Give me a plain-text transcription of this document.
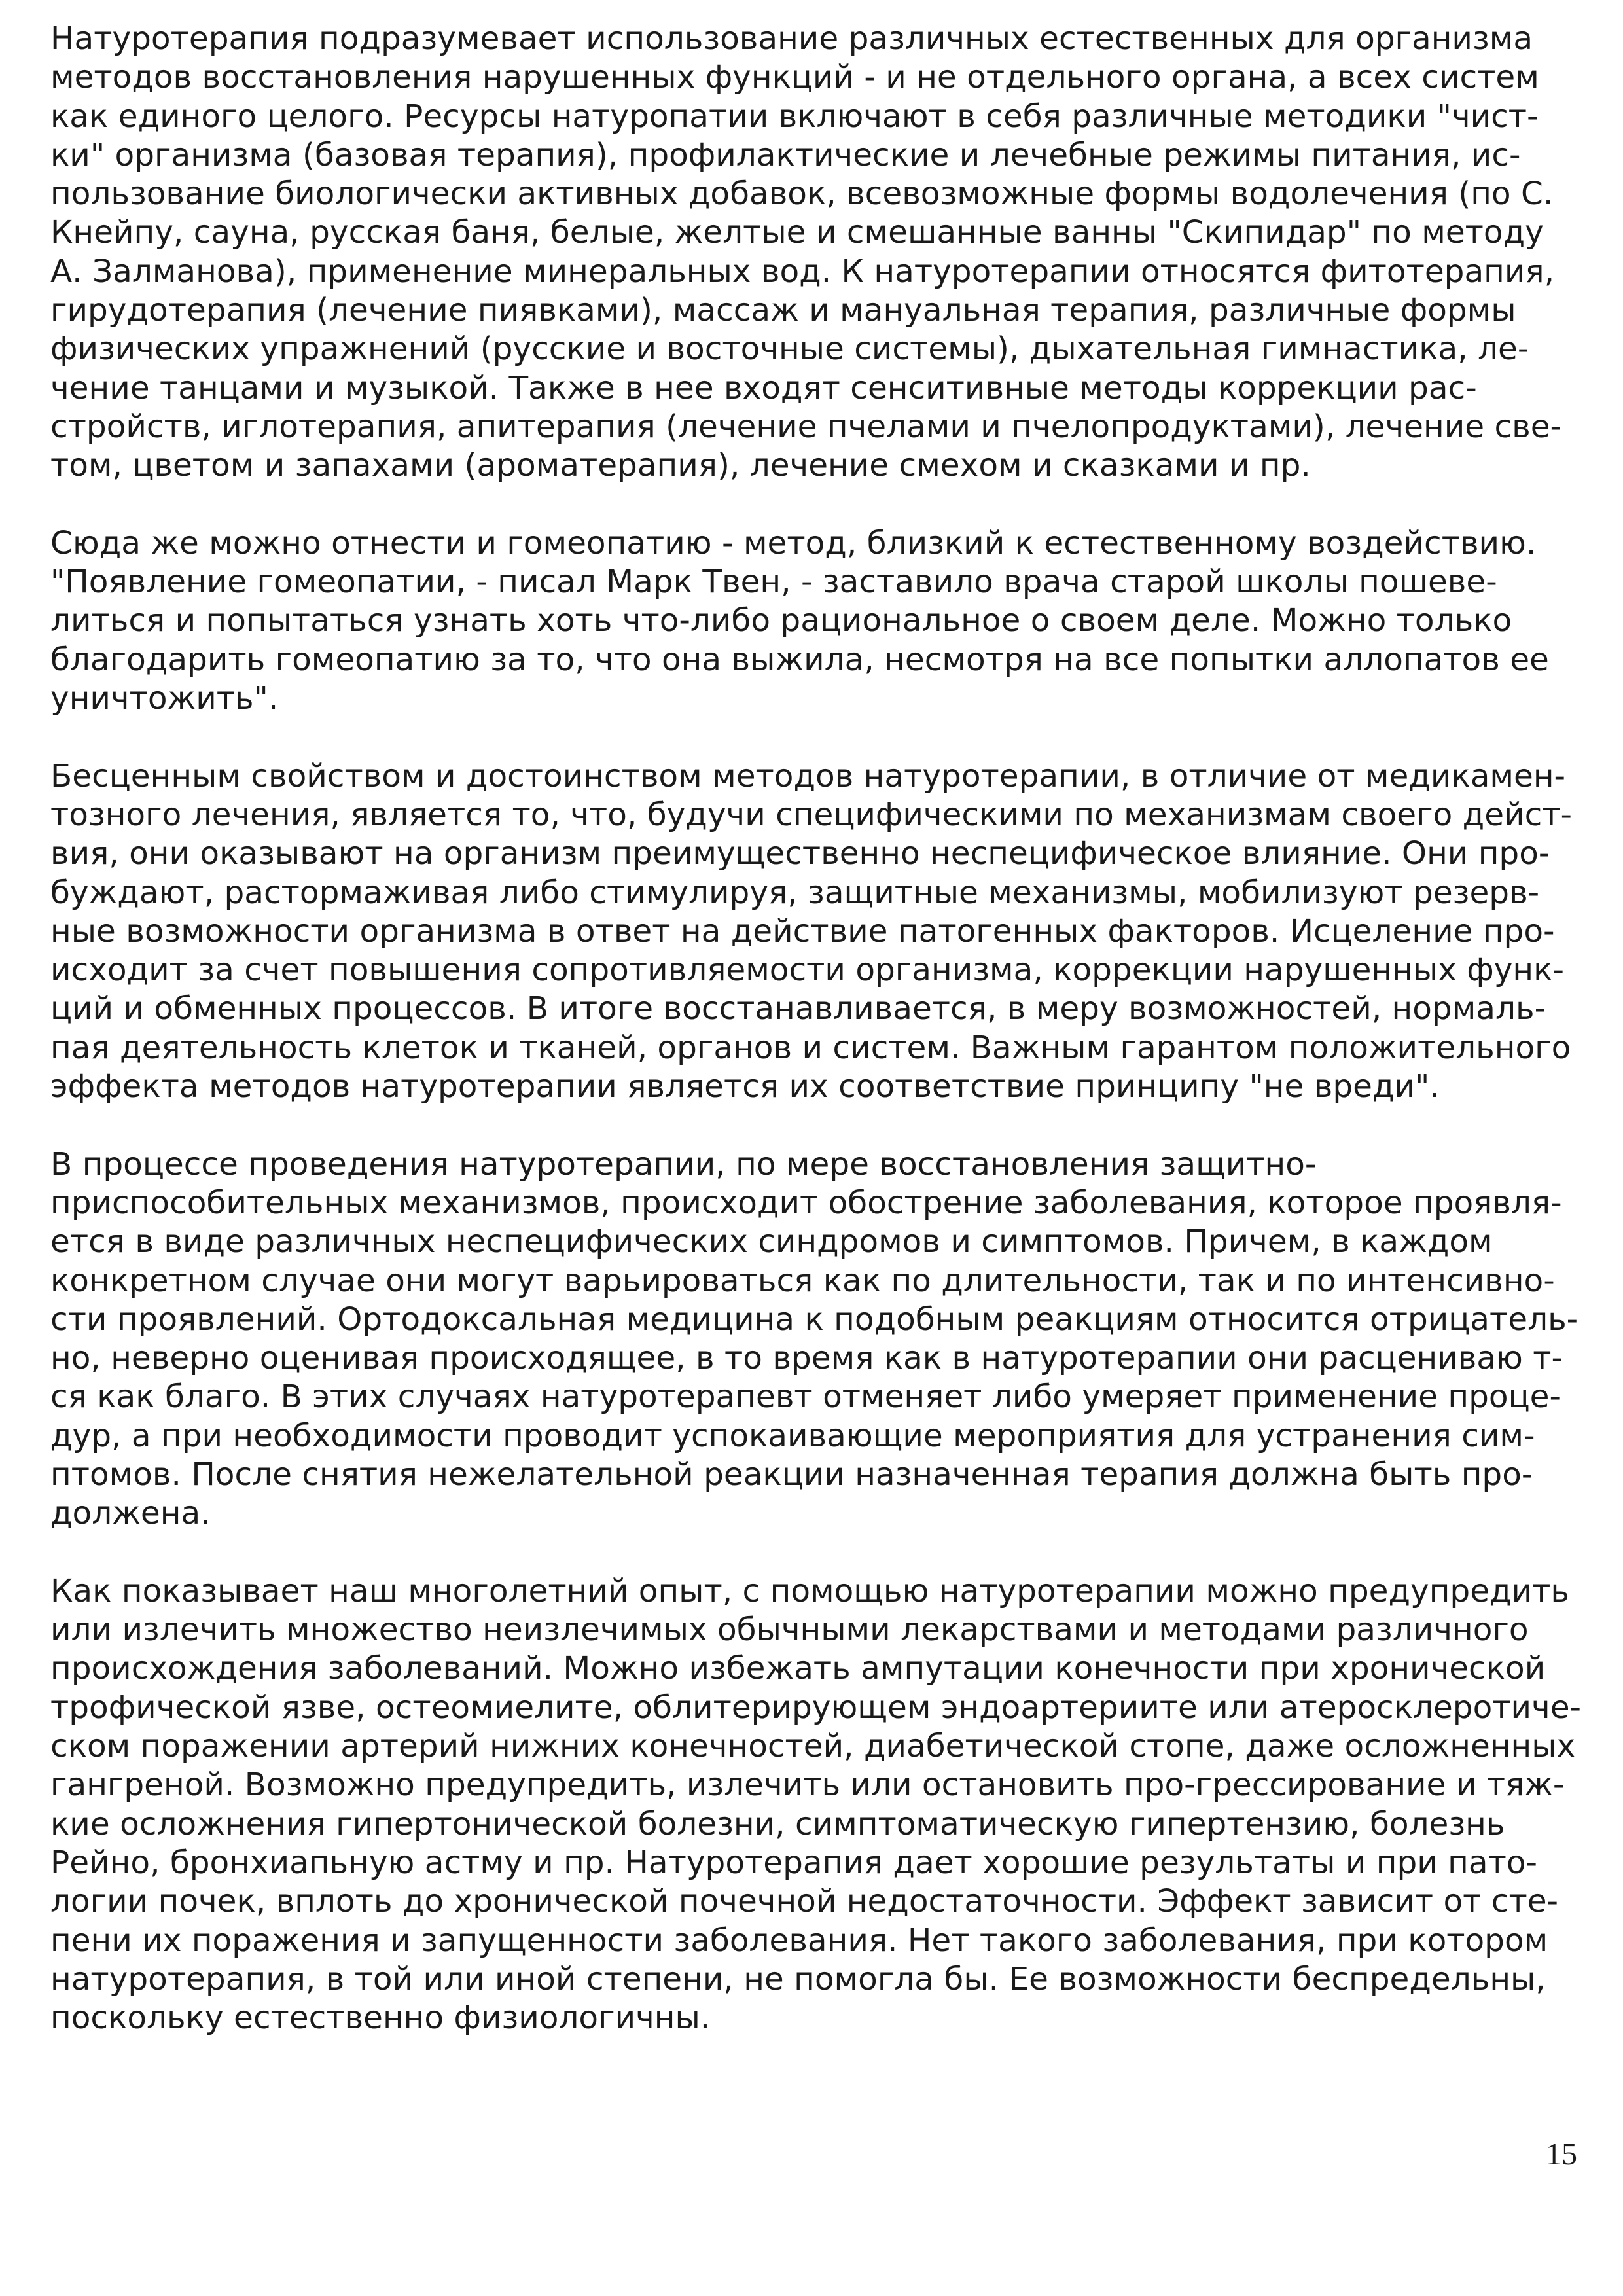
Натуротерапия подразумевает использование различных естественных для организма
методов восстановления нарушенных функций - и не отдельного органа, а всех систем
как единого целого. Ресурсы натуропатии включают в себя различные методики "чист-
ки" организма (базовая терапия), профилактические и лечебные режимы питания, ис-
пользование биологически активных добавок, всевозможные формы водолечения (по С.
Кнейпу, сауна, русская баня, белые, желтые и смешанные ванны "Скипидар" по методу
А. Залманова), применение минеральных вод. К натуротерапии относятся фитотерапия,
гирудотерапия (лечение пиявками), массаж и мануальная терапия, различные формы
физических упражнений (русские и восточные системы), дыхательная гимнастика, ле-
чение танцами и музыкой. Также в нее входят сенситивные методы коррекции рас-
стройств, иглотерапия, апитерапия (лечение пчелами и пчелопродуктами), лечение све-
том, цветом и запахами (ароматерапия), лечение смехом и сказками и пр.
Сюда же можно отнести и гомеопатию - метод, близкий к естественному воздействию.
"Появление гомеопатии, - писал Марк Твен, - заставило врача старой школы пошеве-
литься и попытаться узнать хоть что-либо рациональное о своем деле. Можно только
благодарить гомеопатию за то, что она выжила, несмотря на все попытки аллопатов ее
уничтожить".
Бесценным свойством и достоинством методов натуротерапии, в отличие от медикамен-
тозного лечения, является то, что, будучи специфическими по механизмам своего дейст-
вия, они оказывают на организм преимущественно неспецифическое влияние. Они про-
буждают, растормаживая либо стимулируя, защитные механизмы, мобилизуют резерв-
ные возможности организма в ответ на действие патогенных факторов. Исцеление про-
исходит за счет повышения сопротивляемости организма, коррекции нарушенных функ-
ций и обменных процессов. В итоге восстанавливается, в меру возможностей, нормаль-
пая деятельность клеток и тканей, органов и систем. Важным гарантом положительного
эффекта методов натуротерапии является их соответствие принципу "не вреди".
В процессе проведения натуротерапии, по мере восстановления защитно-
приспособительных механизмов, происходит обострение заболевания, которое проявля-
ется в виде различных неспецифических синдромов и симптомов. Причем, в каждом
конкретном случае они могут варьироваться как по длительности, так и по интенсивно-
сти проявлений. Ортодоксальная медицина к подобным реакциям относится отрицатель-
но, неверно оценивая происходящее, в то время как в натуротерапии они расцениваю т-
ся как благо. В этих случаях натуротерапевт отменяет либо умеряет применение проце-
дур, а при необходимости проводит успокаивающие мероприятия для устранения сим-
птомов. После снятия нежелательной реакции назначенная терапия должна быть про-
должена.
Как показывает наш многолетний опыт, с помощью натуротерапии можно предупредить
или излечить множество неизлечимых обычными лекарствами и методами различного
происхождения заболеваний. Можно избежать ампутации конечности при хронической
трофической язве, остеомиелите, облитерирующем эндоартериите или атеросклеротиче-
ском поражении артерий нижних конечностей, диабетической стопе, даже осложненных
гангреной. Возможно предупредить, излечить или остановить про-грессирование и тяж-
кие осложнения гипертонической болезни, симптоматическую гипертензию, болезнь
Рейно, бронхиапьную астму и пр. Натуротерапия дает хорошие результаты и при пато-
логии почек, вплоть до хронической почечной недостаточности. Эффект зависит от сте-
пени их поражения и запущенности заболевания. Нет такого заболевания, при котором
натуротерапия, в той или иной степени, не помогла бы. Ее возможности беспредельны,
поскольку естественно физиологичны.
15
